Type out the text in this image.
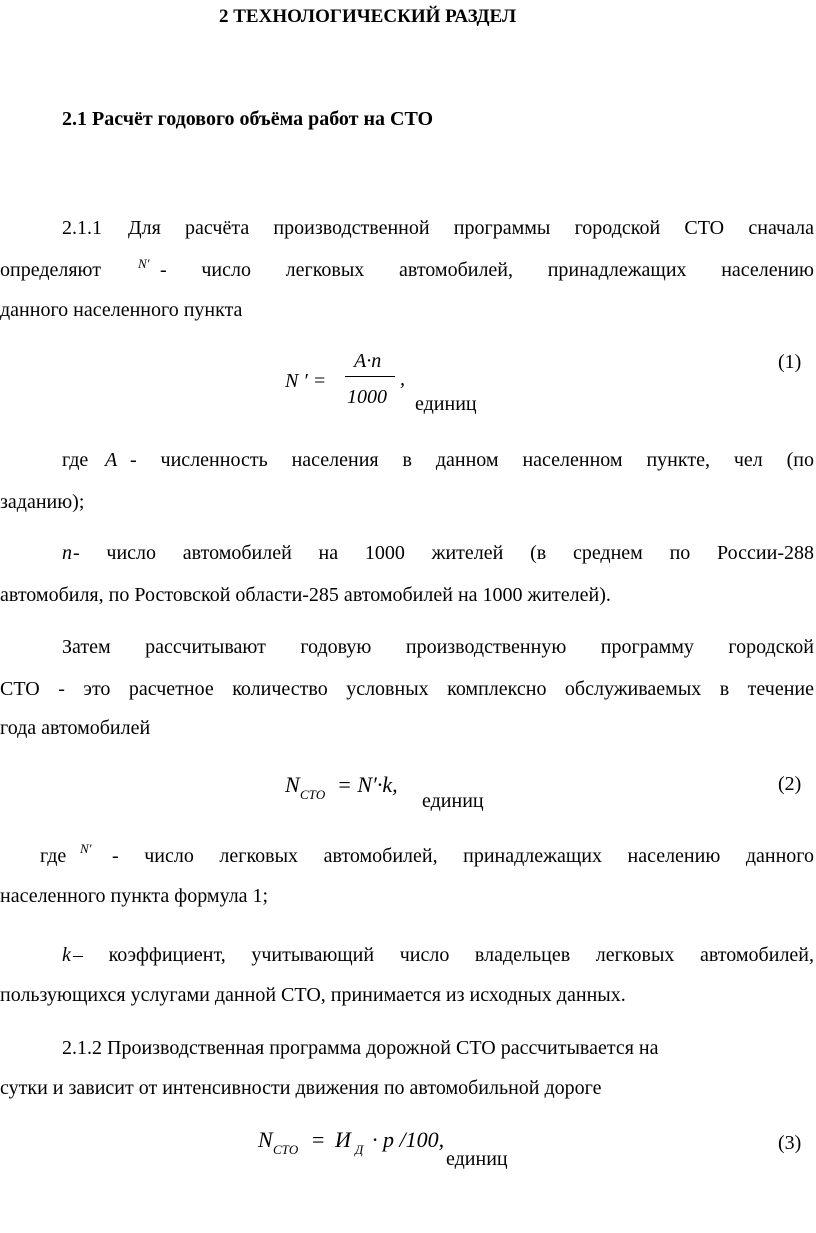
2 ТЕХНОЛОГИЧЕСКИЙ РАЗДЕЛ
2.1 Расчёт годового объёма работ на СТО
2.1.1 Для расчёта производственной программы городской СТО сначала
определяют	N′ - число легковых автомобилей, принадлежащих населению
данного населенного пункта
N ′ =
A·n
1000
,
единиц
(1)
где A - численность населения в данном населенном пункте, чел (по
заданию);
n - число автомобилей на 1000 жителей (в среднем по России-288
автомобиля, по Ростовской области-285 автомобилей на 1000 жителей).
Затем рассчитывают годовую производственную программу городской
СТО - это расчетное количество условных комплексно обслуживаемых в течение
года автомобилей
N СТО = N′·k,
единиц
(2)
где N′ - число легковых автомобилей, принадлежащих населению данного
населенного пункта формула 1;
k – коэффициент, учитывающий число владельцев легковых автомобилей,
пользующихся услугами данной СТО, принимается из исходных данных.
2.1.2 Производственная программа дорожной СТО рассчитывается на
сутки и зависит от интенсивности движения по автомобильной дороге
N СТО = И Д · p /100,
единиц
(3)
